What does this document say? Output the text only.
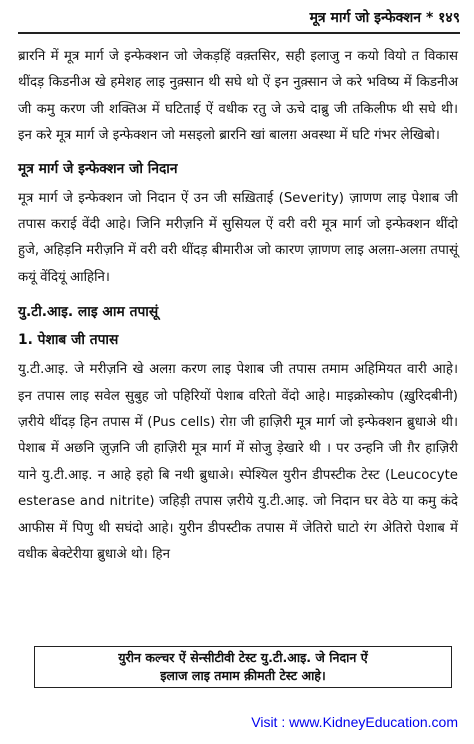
मूत्र मार्ग जो इन्फेक्शन * १४९

ब्रारनि में मूत्र मार्ग जे इन्फेक्शन जो जेकड़हिं वक़्तसिर, सही इलाजु न कयो वियो त विकास थींदड़ किडनीअ खे हमेशह लाइ नुक़्सान थी सघे थो ऐं इन नुक़्सान जे करे भविष्य में किडनीअ जी कमु करण जी शक्तिअ में घटिताई ऐं वधीक रतु जे ऊचे दाब्रु जी तकिलीफ थी सघे थी। इन करे मूत्र मार्ग जे इन्फेक्शन जो मसइलो ब्रारनि खां बालग़ अवस्था में घटि गंभर लेखिबो।

मूत्र मार्ग जे इन्फेक्शन जो निदान

मूत्र मार्ग जे इन्फेक्शन जो निदान ऐं उन जी सख़िताई (Severity) ज़ाणण लाइ पेशाब जी तपास कराई वेंदी आहे। जिनि मरीज़नि में सुसियल ऐं वरी वरी मूत्र मार्ग जो इन्फेक्शन थींदो हुजे, अहिड़नि मरीज़नि में वरी वरी थींदड़ बीमारीअ जो कारण ज़ाणण लाइ अलग़-अलग़ तपासूं कयूं वेंदियूं आहिनि।

यु.टी.आइ. लाइ आम तपासूं
1. पेशाब जी तपास

यु.टी.आइ. जे मरीज़नि खे अलग़ करण लाइ पेशाब जी तपास तमाम अहिमियत वारी आहे। इन तपास लाइ सवेल सुबुह जो पहिरियों पेशाब वरितो वेंदो आहे। माइक्रोस्कोप (ख़ुरिदबीनी) ज़रीये थींदड़ हिन तपास में (Pus cells) रोग़ जी हाज़िरी मूत्र मार्ग जो इन्फेक्शन ब्रुधाअे थी। पेशाब में अछनि ज़ुज़नि जी हाज़िरी मूत्र मार्ग में सोजु ड़ेखारे थी । पर उन्हनि जी ग़ैर हाज़िरी याने यु.टी.आइ. न आहे इहो बि नथी ब्रुधाअे। स्पेश्यिल युरीन डीपस्टीक टेस्ट (Leucocyte esterase and nitrite) जहिड़ी तपास ज़रीये यु.टी.आइ. जो निदान घर वेठे या कमु कंदे आफीस में पिणु थी सघंदो आहे। युरीन डीपस्टीक तपास में जेतिरो घाटो रंग अेतिरो पेशाब में वधीक बेक्टेरीया ब्रुधाअे थो। हिन

युरीन कल्चर ऐं सेन्सीटीवी टेस्ट यु.टी.आइ. जे निदान ऐं
इलाज लाइ तमाम क़ीमती टेस्ट आहे।
Visit : www.KidneyEducation.com
